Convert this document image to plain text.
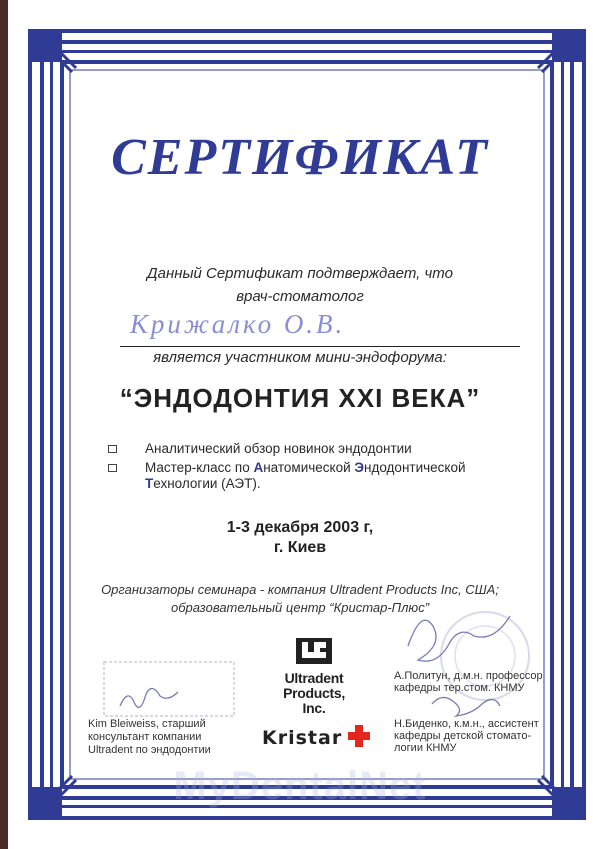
СЕРТИФИКАТ
Данный Сертификат подтверждает, что
врач-стоматолог
Крижалко О.В.
является участником мини-эндофорума:
“ЭНДОДОНТИЯ XXI ВЕКА”
Аналитический обзор новинок эндодонтии
Мастер-класс по Анатомической Эндодонтической
Технологии (АЭТ).
1-3 декабря 2003 г,
г. Киев
Организаторы семинара - компания Ultradent Products Inc, США;
образовательный центр “Кристар-Плюс”
Ultradent
Products, Inc.
Kristar
Kim Bleiweiss, старший
консультант компании
Ultradent по эндодонтии
А.Политун, д.м.н. профессор
кафедры тер.стом. КНМУ
Н.Биденко, к.м.н., ассистент
кафедры детской стомато-
логии КНМУ
MyDentalNet
